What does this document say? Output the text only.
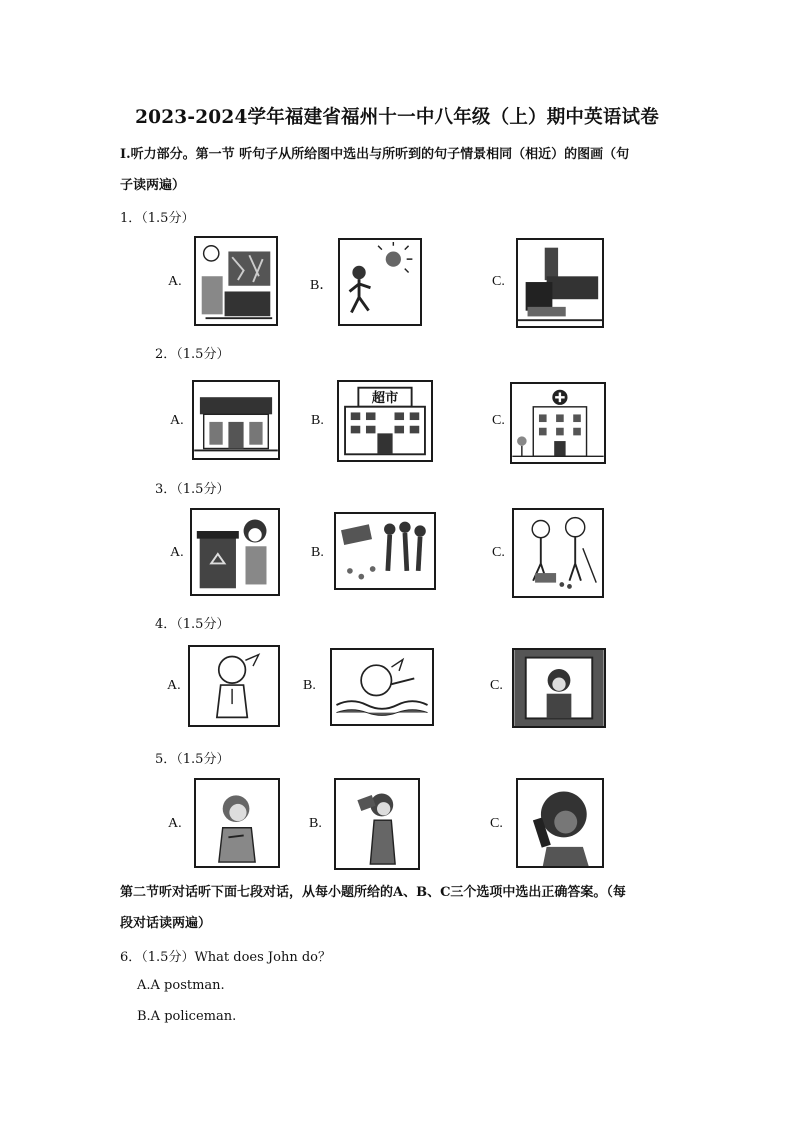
2023-2024学年福建省福州十一中八年级（上）期中英语试卷
Ⅰ.听力部分。第一节 听句子从所给图中选出与所听到的句子情景相同（相近）的图画（句
子读两遍）
1．（1.5分）
A.	B．	C.
2．（1.5分）
A.	B.
超市
C.
3．（1.5分）
A.	B.	C.
4．（1.5分）
A.	B.	C.
5．（1.5分）
A.	B.	C.
第二节听对话听下面七段对话，从每小题所给的A、B、C三个选项中选出正确答案。（每
段对话读两遍）
6．（1.5分）What does John do？
A.A postman.
B.A policeman.
